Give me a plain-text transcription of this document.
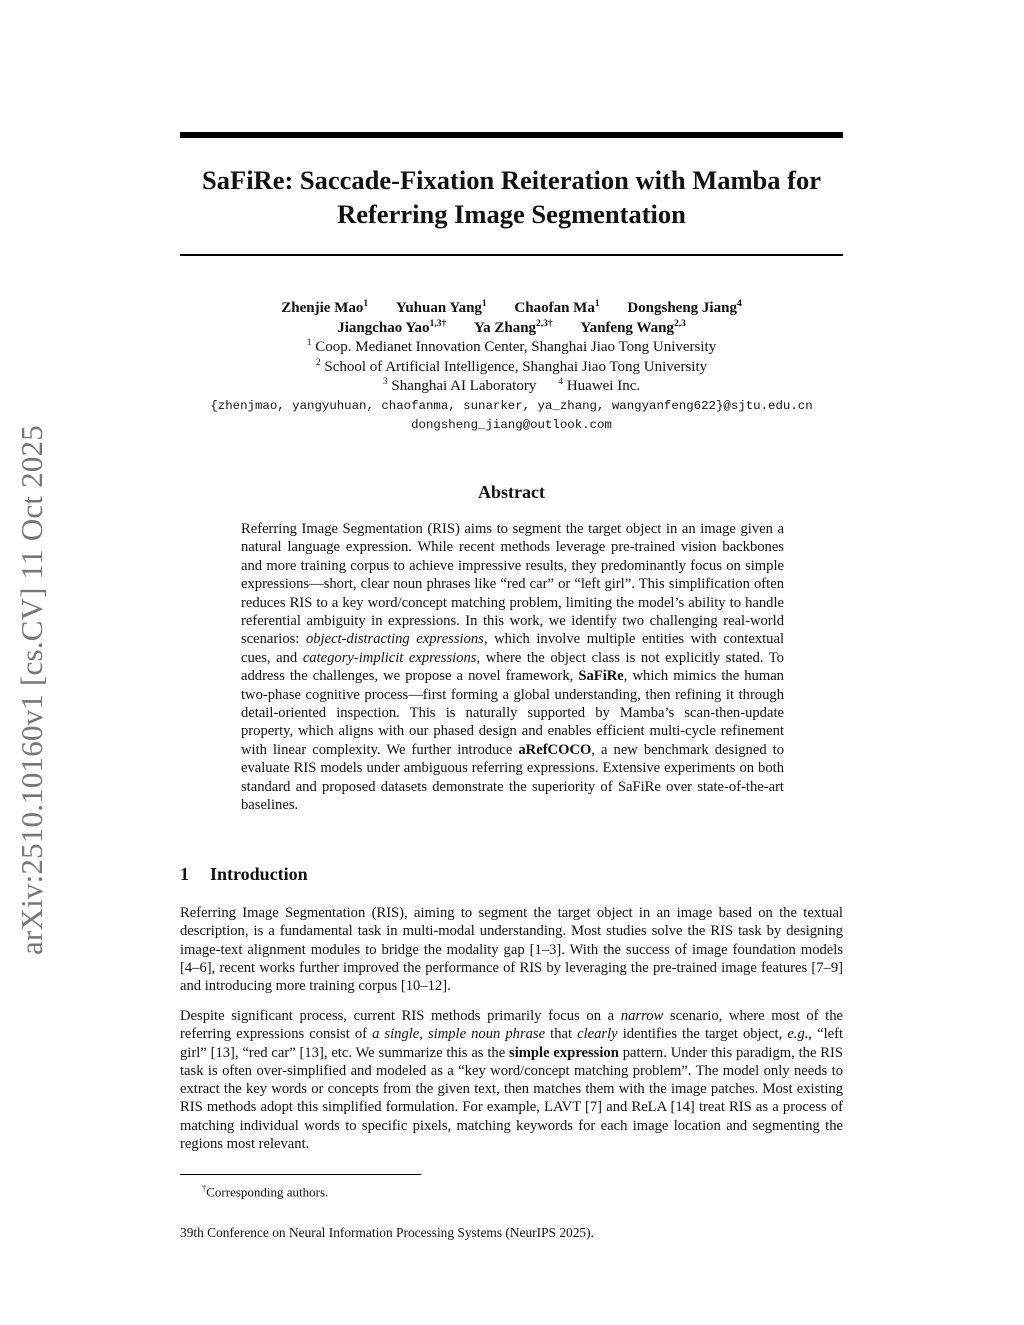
arXiv:2510.10160v1 [cs.CV] 11 Oct 2025
SaFiRe: Saccade-Fixation Reiteration with Mamba for Referring Image Segmentation
Zhenjie Mao$^1$ Yuhuan Yang$^1$ Chaofan Ma$^1$ Dongsheng Jiang$^4$
Jiangchao Yao$^{1,3\dagger}$ Ya Zhang$^{2,3\dagger}$ Yanfeng Wang$^{2,3}$
$^1$ Coop. Medianet Innovation Center, Shanghai Jiao Tong University
$^2$ School of Artificial Intelligence, Shanghai Jiao Tong University
$^3$ Shanghai AI Laboratory $^4$ Huawei Inc.
{zhenjmao, yangyuhuan, chaofanma, sunarker, ya_zhang, wangyanfeng622}@sjtu.edu.cn
dongsheng_jiang@outlook.com
Abstract

Referring Image Segmentation (RIS) aims to segment the target object in an image given a natural language expression. While recent methods leverage pre-trained vision backbones and more training corpus to achieve impressive results, they predominantly focus on simple expressions—short, clear noun phrases like “red car” or “left girl”. This simplification often reduces RIS to a key word/concept matching problem, limiting the model’s ability to handle referential ambiguity in expressions. In this work, we identify two challenging real-world scenarios: object-distracting expressions, which involve multiple entities with contextual cues, and category-implicit expressions, where the object class is not explicitly stated. To address the challenges, we propose a novel framework, SaFiRe, which mimics the human two-phase cognitive process—first forming a global understanding, then refining it through detail-oriented inspection. This is naturally supported by Mamba’s scan-then-update property, which aligns with our phased design and enables efficient multi-cycle refinement with linear complexity. We further introduce aRefCOCO, a new benchmark designed to evaluate RIS models under ambiguous referring expressions. Extensive experiments on both standard and proposed datasets demonstrate the superiority of SaFiRe over state-of-the-art baselines.

1 Introduction

Referring Image Segmentation (RIS), aiming to segment the target object in an image based on the textual description, is a fundamental task in multi-modal understanding. Most studies solve the RIS task by designing image-text alignment modules to bridge the modality gap [1–3]. With the success of image foundation models [4–6], recent works further improved the performance of RIS by leveraging the pre-trained image features [7–9] and introducing more training corpus [10–12].

Despite significant process, current RIS methods primarily focus on a narrow scenario, where most of the referring expressions consist of a single, simple noun phrase that clearly identifies the target object, e.g., “left girl” [13], “red car” [13], etc. We summarize this as the simple expression pattern. Under this paradigm, the RIS task is often over-simplified and modeled as a “key word/concept matching problem”. The model only needs to extract the key words or concepts from the given text, then matches them with the image patches. Most existing RIS methods adopt this simplified formulation. For example, LAVT [7] and ReLA [14] treat RIS as a process of matching individual words to specific pixels, matching keywords for each image location and segmenting the regions most relevant.

†Corresponding authors.
39th Conference on Neural Information Processing Systems (NeurIPS 2025).
